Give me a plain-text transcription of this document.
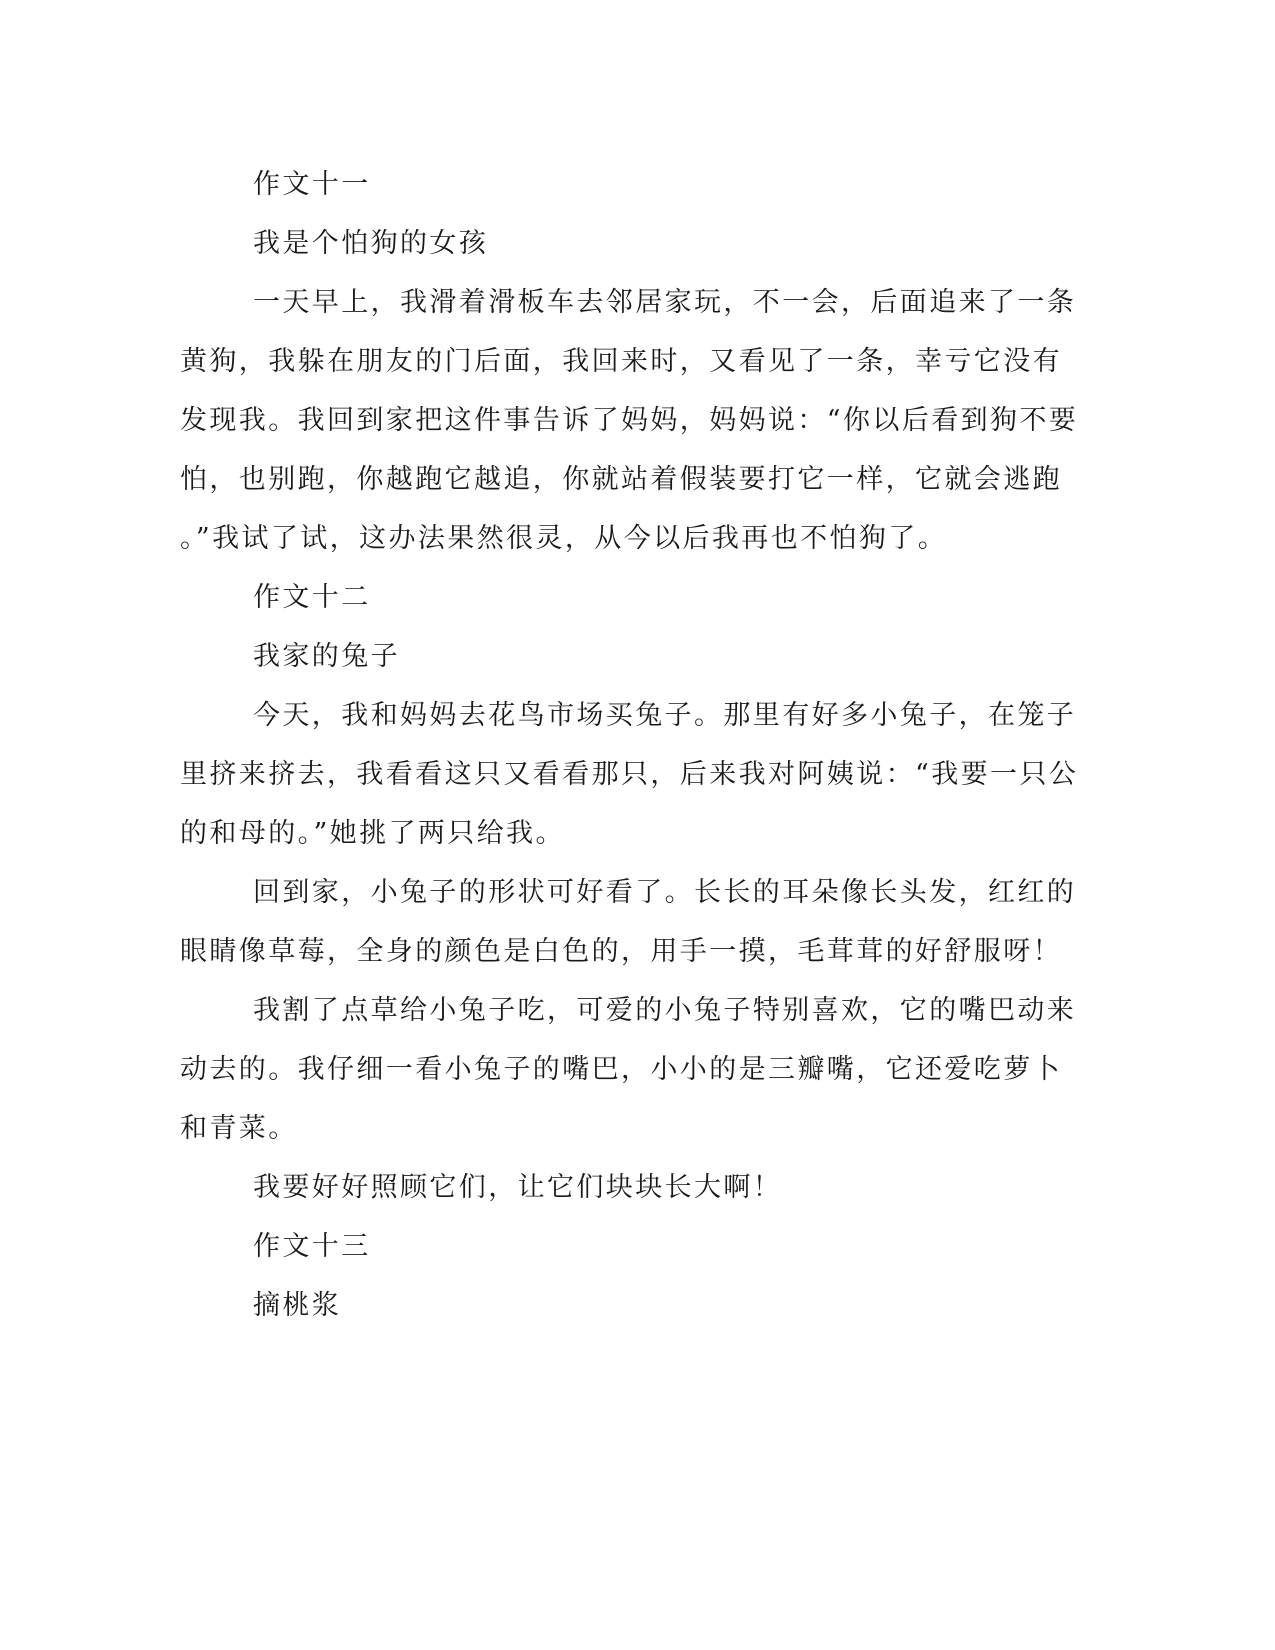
作文十一
我是个怕狗的女孩
一天早上，我滑着滑板车去邻居家玩，不一会，后面追来了一条
黄狗，我躲在朋友的门后面，我回来时，又看见了一条，幸亏它没有
发现我。我回到家把这件事告诉了妈妈，妈妈说：“你以后看到狗不要
怕，也别跑，你越跑它越追，你就站着假装要打它一样，它就会逃跑
。”我试了试，这办法果然很灵，从今以后我再也不怕狗了。
作文十二
我家的兔子
今天，我和妈妈去花鸟市场买兔子。那里有好多小兔子，在笼子
里挤来挤去，我看看这只又看看那只，后来我对阿姨说：“我要一只公
的和母的。”她挑了两只给我。
回到家，小兔子的形状可好看了。长长的耳朵像长头发，红红的
眼睛像草莓，全身的颜色是白色的，用手一摸，毛茸茸的好舒服呀！
我割了点草给小兔子吃，可爱的小兔子特别喜欢，它的嘴巴动来
动去的。我仔细一看小兔子的嘴巴，小小的是三瓣嘴，它还爱吃萝卜
和青菜。
我要好好照顾它们，让它们块块长大啊！
作文十三
摘桃浆
